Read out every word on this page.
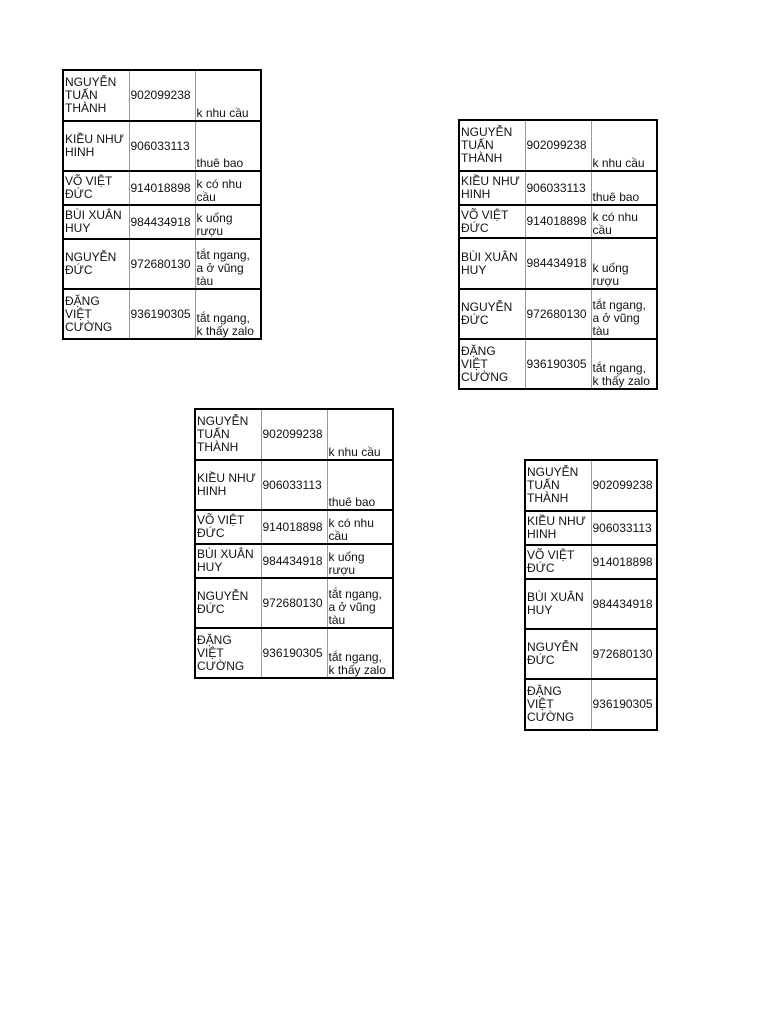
NGUYỄN TUẤN THÀNH	902099238	k nhu cầu
KIỀU NHƯ HINH	906033113	thuê bao
VÕ VIỆT ĐỨC	914018898	k có nhu cầu
BÙI XUÂN HUY	984434918	k uống rượu
NGUYỄN ĐỨC	972680130	tắt ngang, a ở vũng tàu
ĐẶNG VIỆT CƯỜNG	936190305	tắt ngang, k thấy zalo
NGUYỄN TUẤN THÀNH	902099238	k nhu cầu
KIỀU NHƯ HINH	906033113	thuê bao
VÕ VIỆT ĐỨC	914018898	k có nhu cầu
BÙI XUÂN HUY	984434918	k uống rượu
NGUYỄN ĐỨC	972680130	tắt ngang, a ở vũng tàu
ĐẶNG VIỆT CƯỜNG	936190305	tắt ngang, k thấy zalo
NGUYỄN TUẤN THÀNH	902099238	k nhu cầu
KIỀU NHƯ HINH	906033113	thuê bao
VÕ VIỆT ĐỨC	914018898	k có nhu cầu
BÙI XUÂN HUY	984434918	k uống rượu
NGUYỄN ĐỨC	972680130	tắt ngang, a ở vũng tàu
ĐẶNG VIỆT CƯỜNG	936190305	tắt ngang, k thấy zalo
NGUYỄN TUẤN THÀNH	902099238
KIỀU NHƯ HINH	906033113
VÕ VIỆT ĐỨC	914018898
BÙI XUÂN HUY	984434918
NGUYỄN ĐỨC	972680130
ĐẶNG VIỆT CƯỜNG	936190305
